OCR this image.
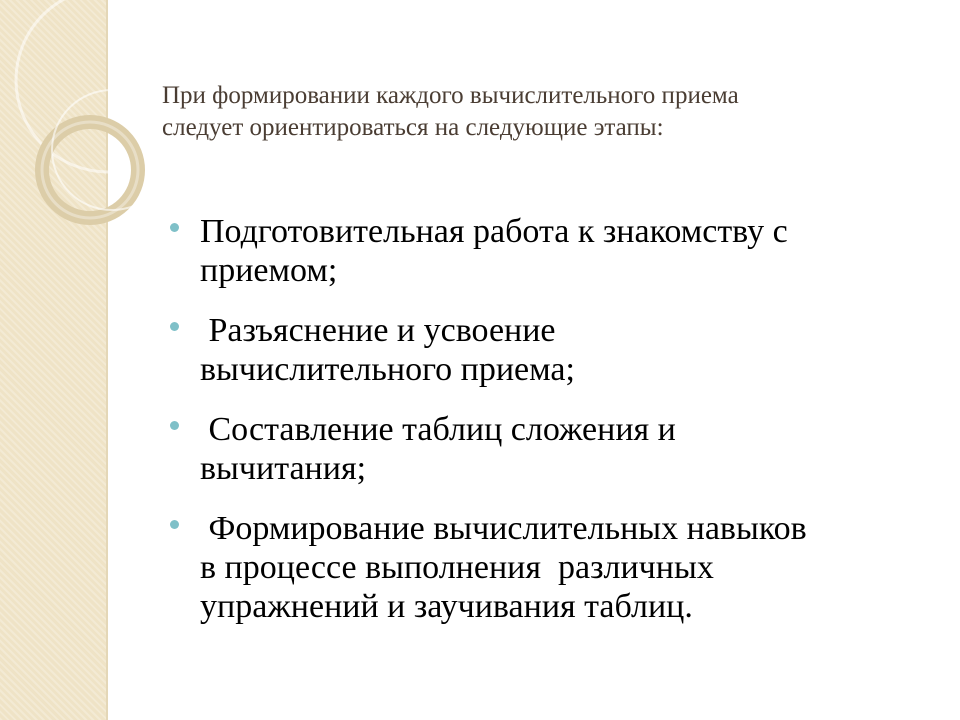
При формировании каждого вычислительного приема
следует ориентироваться на следующие этапы:
Подготовительная работа к знакомству с
приемом;
Разъяснение и усвоение
вычислительного приема;
Составление таблиц сложения и
вычитания;
Формирование вычислительных навыков
в процессе выполнения  различных
упражнений и заучивания таблиц.
